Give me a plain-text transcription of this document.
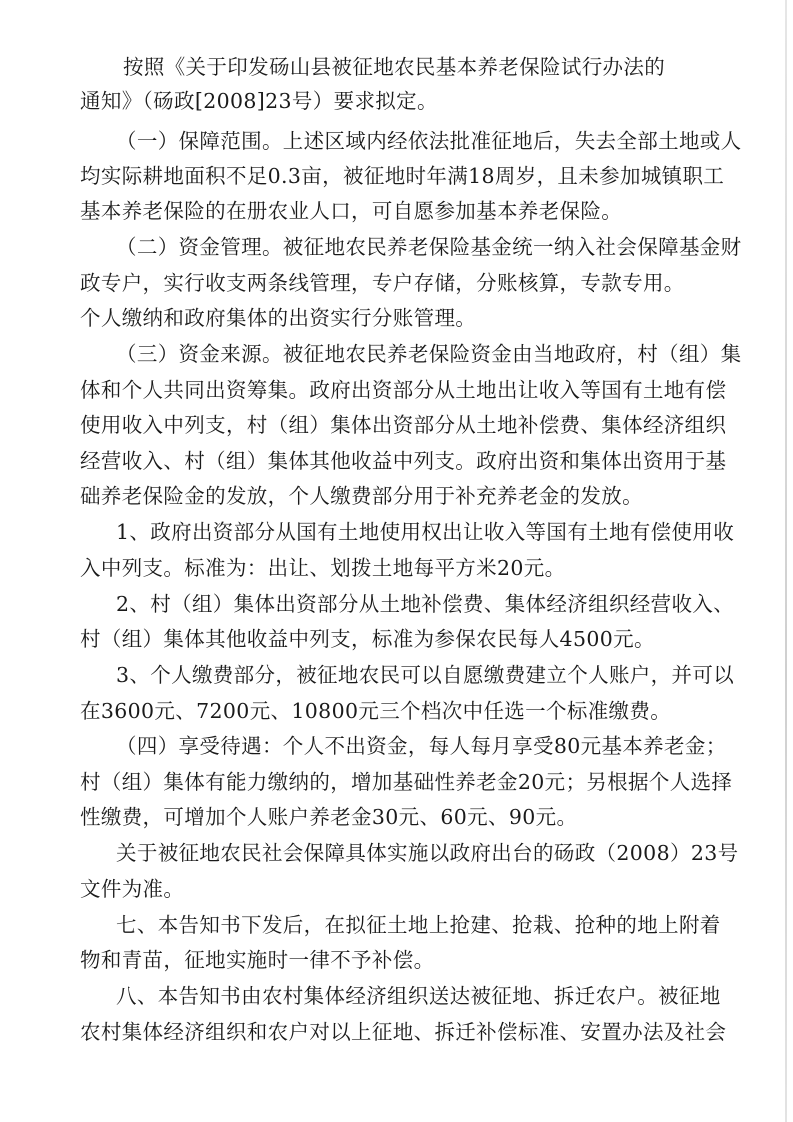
按照《关于印发砀山县被征地农民基本养老保险试行办法的
通知》（砀政[2008]23号）要求拟定。
（一）保障范围。上述区域内经依法批准征地后，失去全部土地或人
均实际耕地面积不足0.3亩，被征地时年满18周岁，且未参加城镇职工
基本养老保险的在册农业人口，可自愿参加基本养老保险。
（二）资金管理。被征地农民养老保险基金统一纳入社会保障基金财
政专户，实行收支两条线管理，专户存储，分账核算，专款专用。
个人缴纳和政府集体的出资实行分账管理。
（三）资金来源。被征地农民养老保险资金由当地政府，村（组）集
体和个人共同出资筹集。政府出资部分从土地出让收入等国有土地有偿
使用收入中列支，村（组）集体出资部分从土地补偿费、集体经济组织
经营收入、村（组）集体其他收益中列支。政府出资和集体出资用于基
础养老保险金的发放，个人缴费部分用于补充养老金的发放。
1、政府出资部分从国有土地使用权出让收入等国有土地有偿使用收
入中列支。标准为：出让、划拨土地每平方米20元。
2、村（组）集体出资部分从土地补偿费、集体经济组织经营收入、
村（组）集体其他收益中列支，标准为参保农民每人4500元。
3、个人缴费部分，被征地农民可以自愿缴费建立个人账户，并可以
在3600元、7200元、10800元三个档次中任选一个标准缴费。
（四）享受待遇：个人不出资金，每人每月享受80元基本养老金；
村（组）集体有能力缴纳的，增加基础性养老金20元；另根据个人选择
性缴费，可增加个人账户养老金30元、60元、90元。
关于被征地农民社会保障具体实施以政府出台的砀政（2008）23号
文件为准。
七、本告知书下发后，在拟征土地上抢建、抢栽、抢种的地上附着
物和青苗，征地实施时一律不予补偿。
八、本告知书由农村集体经济组织送达被征地、拆迁农户。被征地
农村集体经济组织和农户对以上征地、拆迁补偿标准、安置办法及社会
